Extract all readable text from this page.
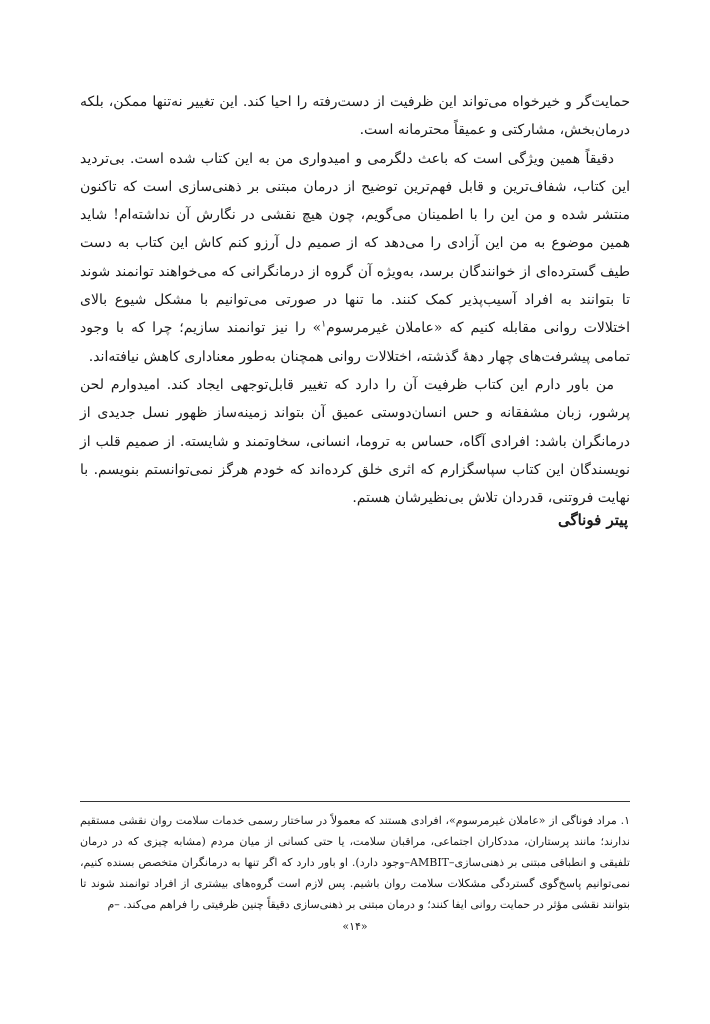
حمایت‌گر و خیرخواه می‌تواند این ظرفیت از دست‌رفته را احیا کند. این تغییر نه‌تنها ممکن، بلکه درمان‌بخش، مشارکتی و عمیقاً محترمانه است.

دقیقاً همین ویژگی است که باعث دلگرمی و امیدواری من به این کتاب شده است. بی‌تردید این کتاب، شفاف‌ترین و قابل فهم‌ترین توضیح از درمان مبتنی بر ذهنی‌سازی است که تاکنون منتشر شده و من این را با اطمینان می‌گویم، چون هیچ نقشی در نگارش آن نداشته‌ام! شاید همین موضوع به من این آزادی را می‌دهد که از صمیم دل آرزو کنم کاش این کتاب به دست طیف گسترده‌ای از خوانندگان برسد، به‌ویژه آن گروه از درمانگرانی که می‌خواهند توانمند شوند تا بتوانند به افراد آسیب‌پذیر کمک کنند. ما تنها در صورتی می‌توانیم با مشکل شیوع بالای اختلالات روانی مقابله کنیم که «عاملان غیرمرسوم$^۱$» را نیز توانمند سازیم؛ چرا که با وجود تمامی پیشرفت‌های چهار دههٔ گذشته، اختلالات روانی همچنان به‌طور معناداری کاهش نیافته‌اند.

من باور دارم این کتاب ظرفیت آن را دارد که تغییر قابل‌توجهی ایجاد کند. امیدوارم لحن پرشور، زبان مشفقانه و حس انسان‌دوستی عمیق آن بتواند زمینه‌ساز ظهور نسل جدیدی از درمانگران باشد: افرادی آگاه، حساس به تروما، انسانی، سخاوتمند و شایسته. از صمیم قلب از نویسندگان این کتاب سپاسگزارم که اثری خلق کرده‌اند که خودم هرگز نمی‌توانستم بنویسم. با نهایت فروتنی، قدردان تلاش بی‌نظیرشان هستم.

پیتر فوناگی

۱. مراد فوناگی از «عاملان غیرمرسوم»، افرادی هستند که معمولاً در ساختار رسمی خدمات سلامت روان نقشی مستقیم ندارند؛ مانند پرستاران، مددکاران اجتماعی، مراقبان سلامت، یا حتی کسانی از میان مردم (مشابه چیزی که در درمان تلفیقی و انطباقی مبتنی بر ذهنی‌سازی–AMBIT–وجود دارد). او باور دارد که اگر تنها به درمانگران متخصص بسنده کنیم، نمی‌توانیم پاسخ‌گوی گستردگی مشکلات سلامت روان باشیم. پس لازم است گروه‌های بیشتری از افراد توانمند شوند تا بتوانند نقشی مؤثر در حمایت روانی ایفا کنند؛ و درمان مبتنی بر ذهنی‌سازی دقیقاً چنین ظرفیتی را فراهم می‌کند. –م

«۱۴»
